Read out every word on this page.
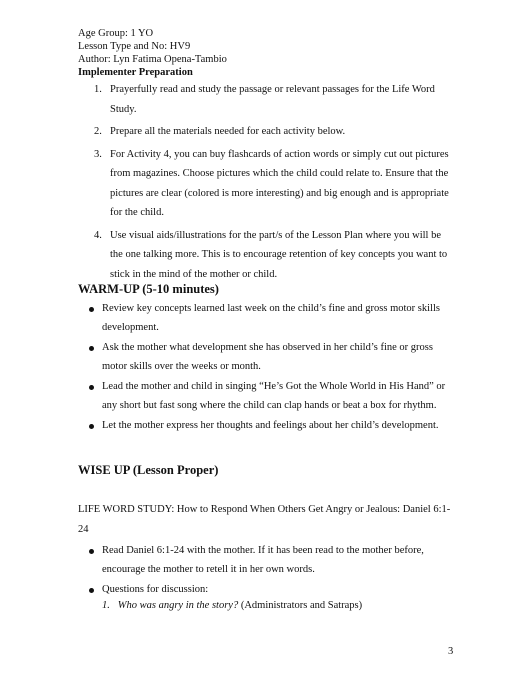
Age Group: 1 YO
Lesson Type and No: HV9
Author: Lyn Fatima Opena-Tambio
Implementer Preparation
1. Prayerfully read and study the passage or relevant passages for the Life Word Study.
2. Prepare all the materials needed for each activity below.
3. For Activity 4, you can buy flashcards of action words or simply cut out pictures from magazines. Choose pictures which the child could relate to. Ensure that the pictures are clear (colored is more interesting) and big enough and is appropriate for the child.
4. Use visual aids/illustrations for the part/s of the Lesson Plan where you will be the one talking more. This is to encourage retention of key concepts you want to stick in the mind of the mother or child.
WARM-UP (5-10 minutes)
Review key concepts learned last week on the child’s fine and gross motor skills development.
Ask the mother what development she has observed in her child’s fine or gross motor skills over the weeks or month.
Lead the mother and child in singing “He’s Got the Whole World in His Hand” or any short but fast song where the child can clap hands or beat a box for rhythm.
Let the mother express her thoughts and feelings about her child’s development.
WISE UP (Lesson Proper)
LIFE WORD STUDY: How to Respond When Others Get Angry or Jealous: Daniel 6:1-24
Read Daniel 6:1-24 with the mother. If it has been read to the mother before, encourage the mother to retell it in her own words.
Questions for discussion:
1. Who was angry in the story? (Administrators and Satraps)
3
